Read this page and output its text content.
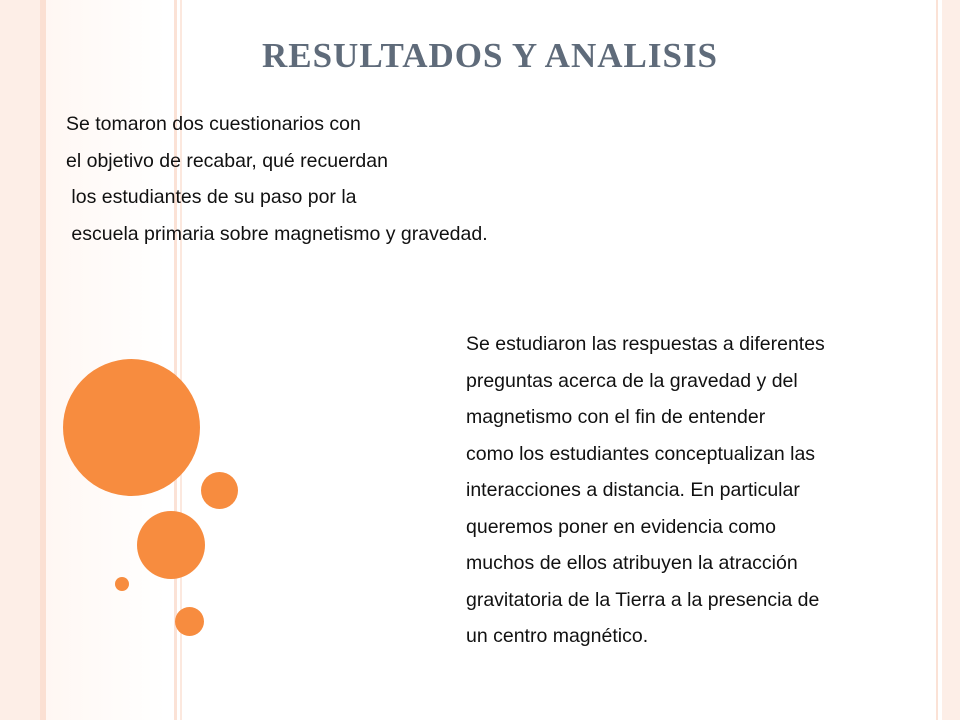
RESULTADOS Y ANALISIS
Se tomaron dos cuestionarios con
el objetivo de recabar, qué recuerdan
los estudiantes de su paso por la
escuela primaria sobre magnetismo y gravedad.
Se estudiaron las respuestas a diferentes
preguntas acerca de la gravedad y del
magnetismo con el fin de entender
como los estudiantes conceptualizan las
interacciones a distancia. En particular
queremos poner en evidencia como
muchos de ellos atribuyen la atracción
gravitatoria de la Tierra a la presencia de
un centro magnético.
